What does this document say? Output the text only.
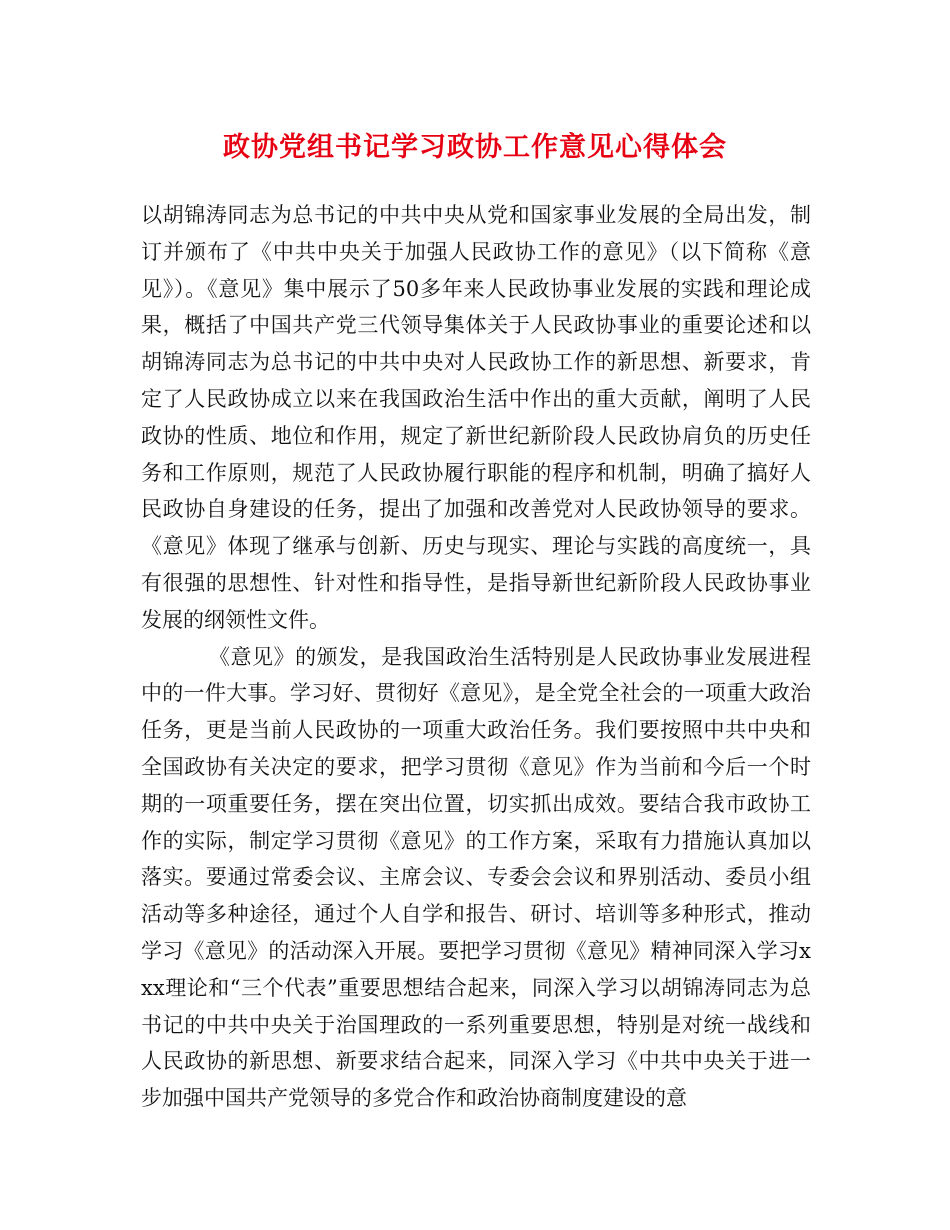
政协党组书记学习政协工作意见心得体会

以胡锦涛同志为总书记的中共中央从党和国家事业发展的全局出发，制订并颁布了《中共中央关于加强人民政协工作的意见》（以下简称《意见》）。《意见》集中展示了50多年来人民政协事业发展的实践和理论成果，概括了中国共产党三代领导集体关于人民政协事业的重要论述和以胡锦涛同志为总书记的中共中央对人民政协工作的新思想、新要求，肯定了人民政协成立以来在我国政治生活中作出的重大贡献，阐明了人民政协的性质、地位和作用，规定了新世纪新阶段人民政协肩负的历史任务和工作原则，规范了人民政协履行职能的程序和机制，明确了搞好人民政协自身建设的任务，提出了加强和改善党对人民政协领导的要求。《意见》体现了继承与创新、历史与现实、理论与实践的高度统一，具有很强的思想性、针对性和指导性，是指导新世纪新阶段人民政协事业发展的纲领性文件。

《意见》的颁发，是我国政治生活特别是人民政协事业发展进程中的一件大事。学习好、贯彻好《意见》，是全党全社会的一项重大政治任务，更是当前人民政协的一项重大政治任务。我们要按照中共中央和全国政协有关决定的要求，把学习贯彻《意见》作为当前和今后一个时期的一项重要任务，摆在突出位置，切实抓出成效。要结合我市政协工作的实际，制定学习贯彻《意见》的工作方案，采取有力措施认真加以落实。要通过常委会议、主席会议、专委会会议和界别活动、委员小组活动等多种途径，通过个人自学和报告、研讨、培训等多种形式，推动学习《意见》的活动深入开展。要把学习贯彻《意见》精神同深入学习xxx理论和“三个代表”重要思想结合起来，同深入学习以胡锦涛同志为总书记的中共中央关于治国理政的一系列重要思想，特别是对统一战线和人民政协的新思想、新要求结合起来，同深入学习《中共中央关于进一步加强中国共产党领导的多党合作和政治协商制度建设的意
